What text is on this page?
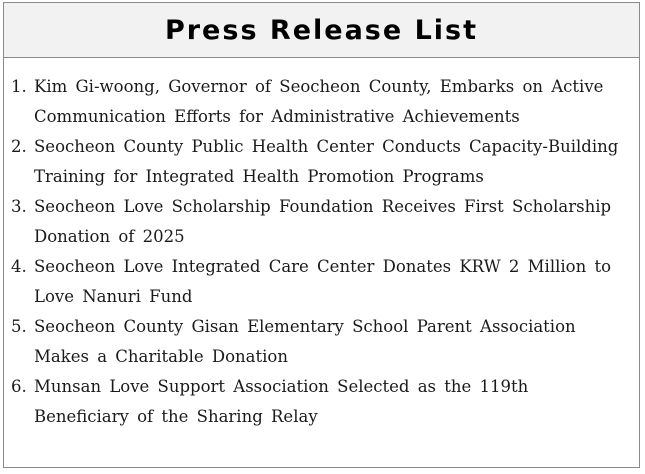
Press Release List
1. Kim Gi-woong, Governor of Seocheon County, Embarks on Active Communication Efforts for Administrative Achievements
2. Seocheon County Public Health Center Conducts Capacity-Building Training for Integrated Health Promotion Programs
3. Seocheon Love Scholarship Foundation Receives First Scholarship Donation of 2025
4. Seocheon Love Integrated Care Center Donates KRW 2 Million to Love Nanuri Fund
5. Seocheon County Gisan Elementary School Parent Association Makes a Charitable Donation
6. Munsan Love Support Association Selected as the 119th Beneficiary of the Sharing Relay
